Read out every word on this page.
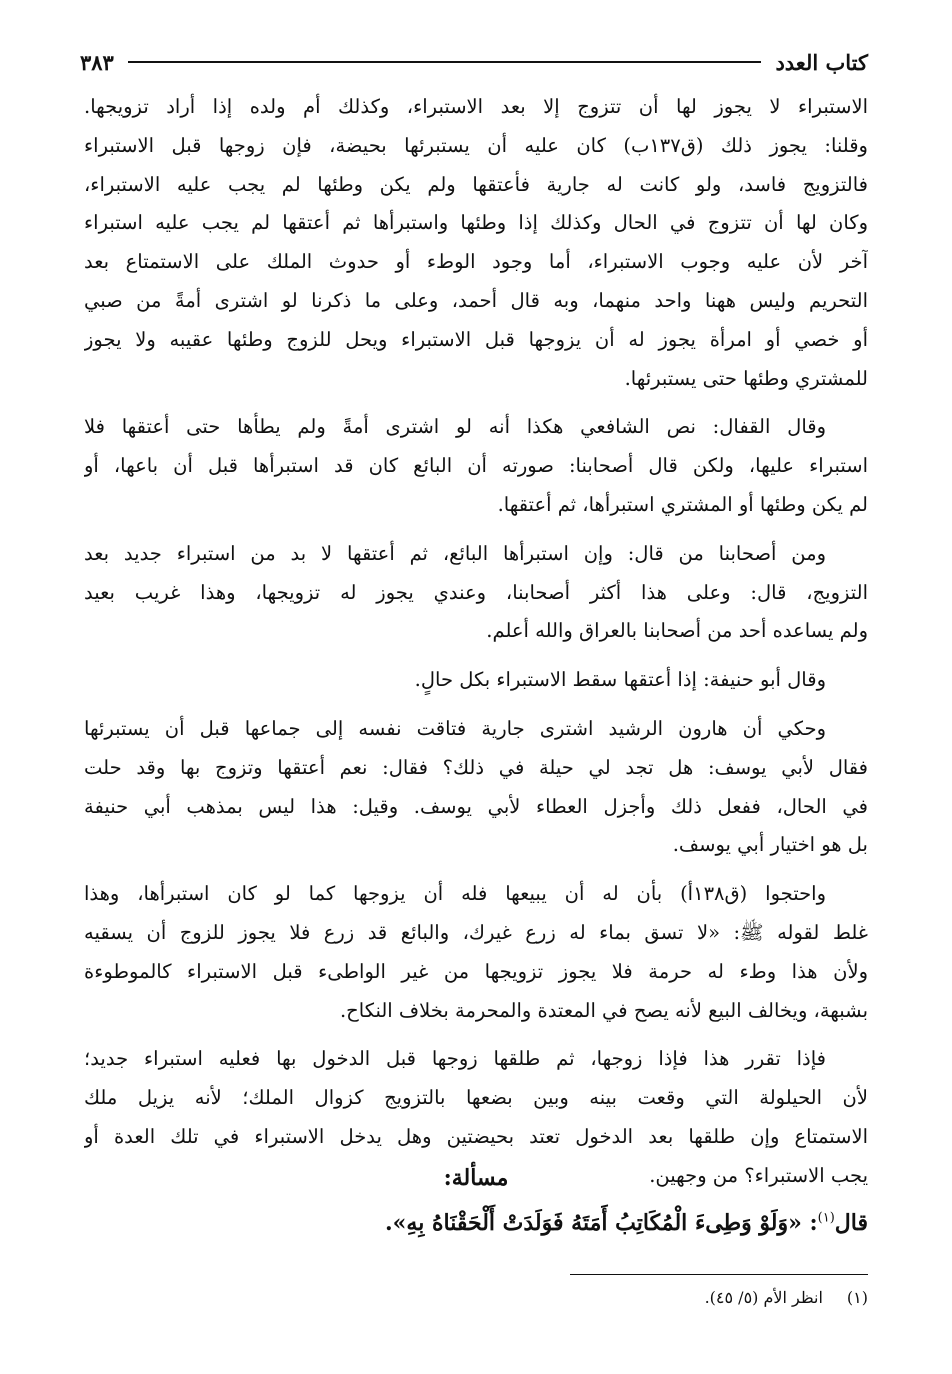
كتاب العدد
٣٨٣
الاستبراء لا يجوز لها أن تتزوج إلا بعد الاستبراء، وكذلك أم ولده إذا أراد تزويجها.
وقلنا: يجوز ذلك (ق١٣٧ب) كان عليه أن يستبرئها بحيضة، فإن زوجها قبل الاستبراء
فالتزويج فاسد، ولو كانت له جارية فأعتقها ولم يكن وطئها لم يجب عليه الاستبراء،
وكان لها أن تتزوج في الحال وكذلك إذا وطئها واستبرأها ثم أعتقها لم يجب عليه استبراء
آخر لأن عليه وجوب الاستبراء، أما وجود الوطء أو حدوث الملك على الاستمتاع بعد
التحريم وليس ههنا واحد منهما، وبه قال أحمد، وعلى ما ذكرنا لو اشترى أمةً من صبي
أو خصي أو امرأة يجوز له أن يزوجها قبل الاستبراء ويحل للزوج وطئها عقيبه ولا يجوز
للمشتري وطئها حتى يستبرئها.
وقال القفال: نص الشافعي هكذا أنه لو اشترى أمةً ولم يطأها حتى أعتقها فلا
استبراء عليها، ولكن قال أصحابنا: صورته أن البائع كان قد استبرأها قبل أن باعها، أو
لم يكن وطئها أو المشتري استبرأها، ثم أعتقها.
ومن أصحابنا من قال: وإن استبرأها البائع، ثم أعتقها لا بد من استبراء جديد بعد
التزويج، قال: وعلى هذا أكثر أصحابنا، وعندي يجوز له تزويجها، وهذا غريب بعيد
ولم يساعده أحد من أصحابنا بالعراق والله أعلم.
وقال أبو حنيفة: إذا أعتقها سقط الاستبراء بكل حالٍ.
وحكي أن هارون الرشيد اشترى جارية فتاقت نفسه إلى جماعها قبل أن يستبرئها
فقال لأبي يوسف: هل تجد لي حيلة في ذلك؟ فقال: نعم أعتقها وتزوج بها وقد حلت
في الحال، ففعل ذلك وأجزل العطاء لأبي يوسف. وقيل: هذا ليس بمذهب أبي حنيفة
بل هو اختيار أبي يوسف.
واحتجوا (ق١٣٨أ) بأن له أن يبيعها فله أن يزوجها كما لو كان استبرأها، وهذا
غلط لقوله ﷺ: «لا تسق بماء له زرع غيرك، والبائع قد زرع فلا يجوز للزوج أن يسقيه
ولأن هذا وطء له حرمة فلا يجوز تزويجها من غير الواطىء قبل الاستبراء كالموطوءة
بشبهة، ويخالف البيع لأنه يصح في المعتدة والمحرمة بخلاف النكاح.
فإذا تقرر هذا فإذا زوجها، ثم طلقها زوجها قبل الدخول بها فعليه استبراء جديد؛
لأن الحيلولة التي وقعت بينه وبين بضعها بالتزويج كزوال الملك؛ لأنه يزيل ملك
الاستمتاع وإن طلقها بعد الدخول تعتد بحيضتين وهل يدخل الاستبراء في تلك العدة أو
يجب الاستبراء؟ من وجهين.
مسألة:
قال$^{(١)}$: «وَلَوْ وَطِىءَ الْمُكَاتِبُ أَمَتَهُ فَوَلَدَتْ أَلْحَقْنَاهُ بِهِ».
(١)انظر الأم (٥/ ٤٥).
